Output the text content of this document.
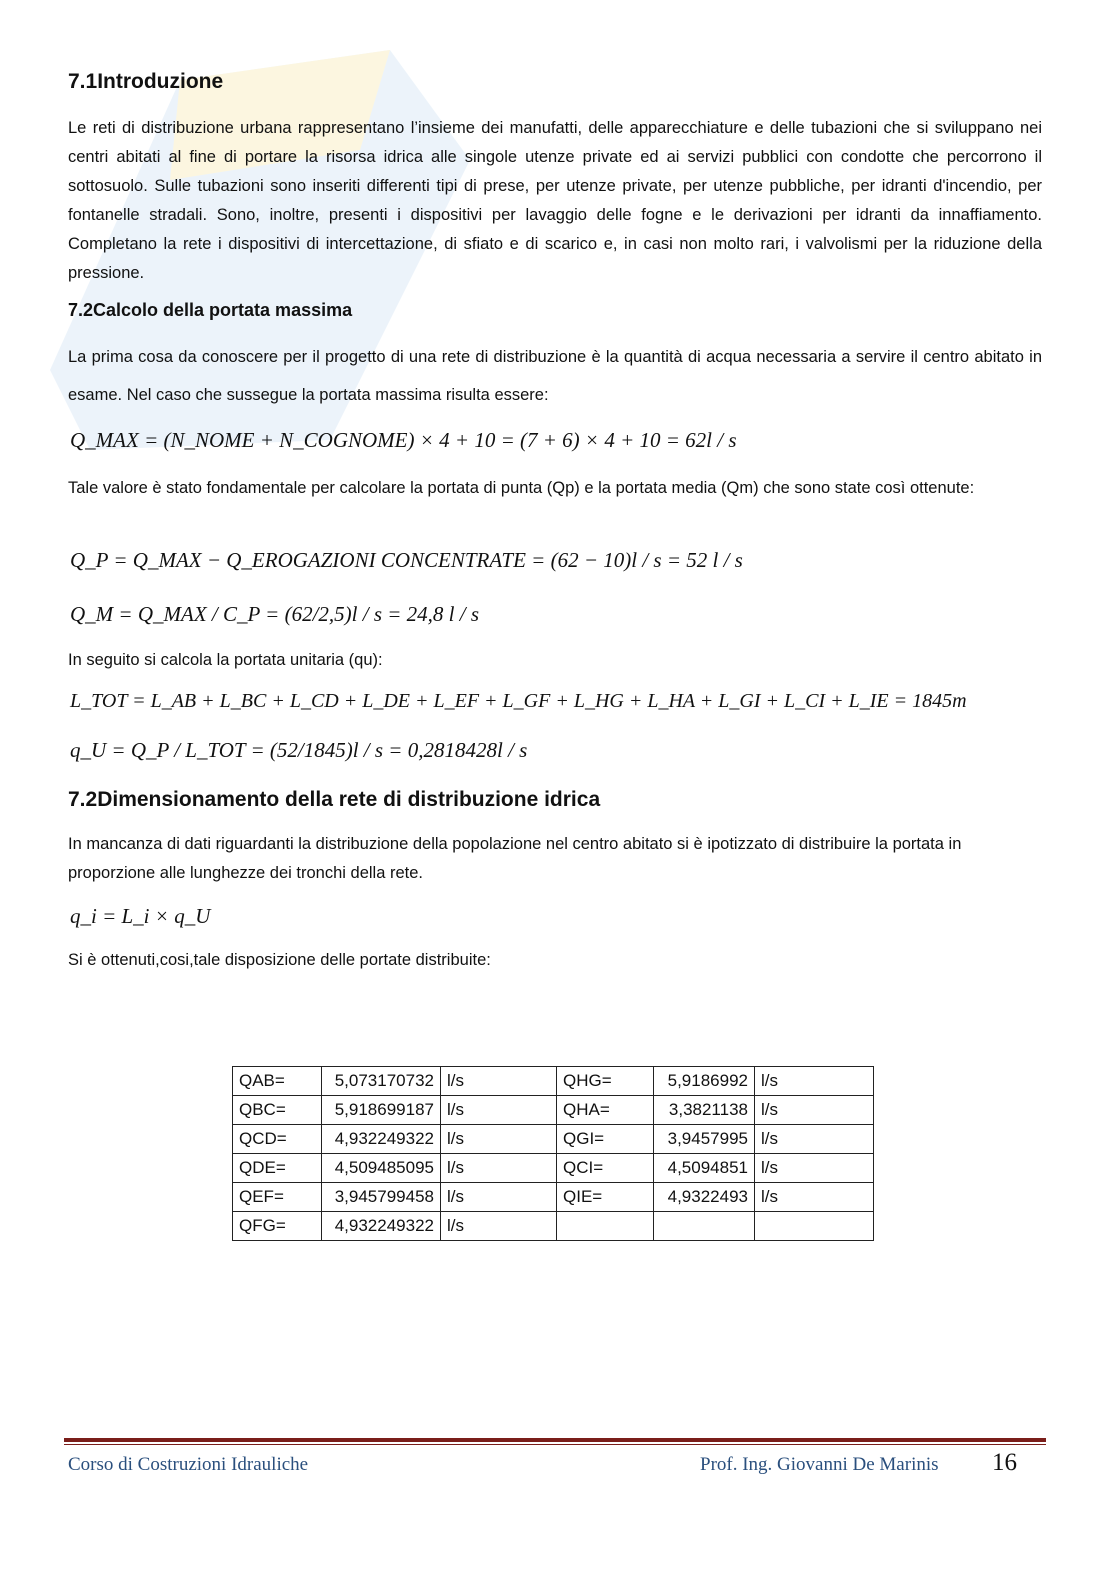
7.1Introduzione
Le reti di distribuzione urbana rappresentano l’insieme dei manufatti, delle apparecchiature e delle tubazioni che si sviluppano nei centri abitati al fine di portare la risorsa idrica alle singole utenze private ed ai servizi pubblici con condotte che percorrono il sottosuolo. Sulle tubazioni sono inseriti differenti tipi di prese, per utenze private, per utenze pubbliche, per idranti d'incendio, per fontanelle stradali. Sono, inoltre, presenti i dispositivi per lavaggio delle fogne e le derivazioni per idranti da innaffiamento. Completano la rete i dispositivi di intercettazione, di sfiato e di scarico e, in casi non molto rari, i valvolismi per la riduzione della pressione.
7.2Calcolo della portata massima
La prima cosa da conoscere per il progetto di una rete di distribuzione è la quantità di acqua necessaria a servire il centro abitato in esame. Nel caso che sussegue la portata massima risulta essere:
Q_MAX = (N_NOME + N_COGNOME) × 4 + 10 = (7 + 6) × 4 + 10 = 62l / s
Tale valore è stato fondamentale per calcolare la portata di punta (Qp) e la portata media (Qm) che sono state così ottenute:
Q_P = Q_MAX − Q_EROGAZIONI CONCENTRATE = (62 − 10)l / s = 52 l / s
Q_M = Q_MAX / C_P = (62/2,5)l / s = 24,8 l / s
In seguito si calcola la portata unitaria (qu):
L_TOT = L_AB + L_BC + L_CD + L_DE + L_EF + L_GF + L_HG + L_HA + L_GI + L_CI + L_IE = 1845m
q_U = Q_P / L_TOT = (52/1845)l / s = 0,2818428l / s
7.2Dimensionamento della rete di distribuzione idrica
In mancanza di dati riguardanti la distribuzione della popolazione nel centro abitato si è ipotizzato di distribuire la portata in proporzione alle lunghezze dei tronchi della rete.
q_i = L_i × q_U
Si è ottenuti,cosi,tale disposizione delle portate distribuite:
QAB=	5,073170732	l/s	QHG=	5,9186992	l/s
QBC=	5,918699187	l/s	QHA=	3,3821138	l/s
QCD=	4,932249322	l/s	QGI=	3,9457995	l/s
QDE=	4,509485095	l/s	QCI=	4,5094851	l/s
QEF=	3,945799458	l/s	QIE=	4,9322493	l/s
QFG=	4,932249322	l/s			
Corso di Costruzioni Idrauliche	Prof. Ing. Giovanni De Marinis 16
